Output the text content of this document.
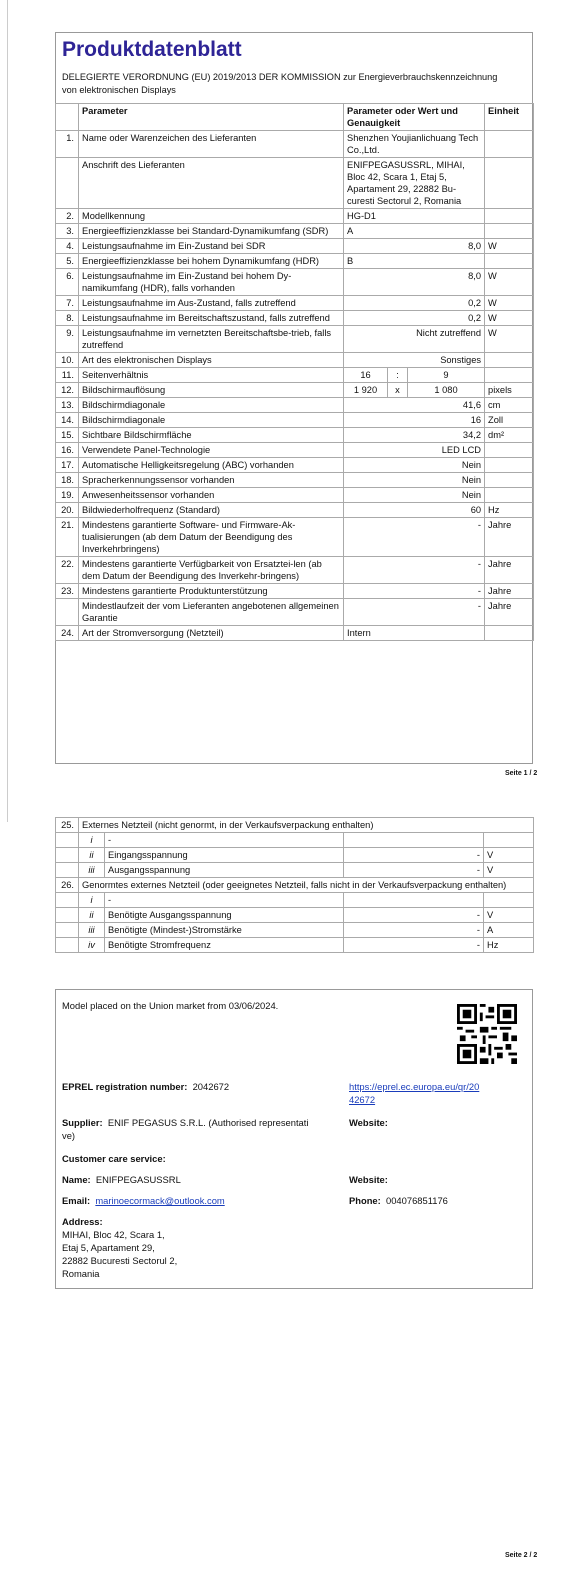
Produktdatenblatt
DELEGIERTE VERORDNUNG (EU) 2019/2013 DER KOMMISSION zur Energieverbrauchskennzeichnung von elektronischen Displays
	Parameter	Parameter oder Wert und Genauigkeit			Einheit
1.	Name oder Warenzeichen des Lieferanten	Shenzhen Youjianlichuang Tech Co.,Ltd.			
	Anschrift des Lieferanten	ENIFPEGASUSSRL, MIHAI, Bloc 42, Scara 1, Etaj 5, Apartament 29, 22882 Bu-curesti Sectorul 2, Romania			
2.	Modellkennung	HG-D1			
3.	Energieeffizienzklasse bei Standard-Dynamikumfang (SDR)	A			
4.	Leistungsaufnahme im Ein-Zustand bei SDR	8,0			W
5.	Energieeffizienzklasse bei hohem Dynamikumfang (HDR)	B			
6.	Leistungsaufnahme im Ein-Zustand bei hohem Dy-namikumfang (HDR), falls vorhanden	8,0			W
7.	Leistungsaufnahme im Aus-Zustand, falls zutreffend	0,2			W
8.	Leistungsaufnahme im Bereitschaftszustand, falls zutreffend	0,2			W
9.	Leistungsaufnahme im vernetzten Bereitschaftsbe-trieb, falls zutreffend	Nicht zutreffend			W
10.	Art des elektronischen Displays	Sonstiges			
11.	Seitenverhältnis	16	:	9	
12.	Bildschirmauflösung	1 920	x	1 080	pixels
13.	Bildschirmdiagonale	41,6			cm
14.	Bildschirmdiagonale	16			Zoll
15.	Sichtbare Bildschirmfläche	34,2			dm²
16.	Verwendete Panel-Technologie	LED LCD			
17.	Automatische Helligkeitsregelung (ABC) vorhanden	Nein			
18.	Spracherkennungssensor vorhanden	Nein			
19.	Anwesenheitssensor vorhanden	Nein			
20.	Bildwiederholfrequenz (Standard)	60			Hz
21.	Mindestens garantierte Software- und Firmware-Ak-tualisierungen (ab dem Datum der Beendigung des Inverkehrbringens)	-			Jahre
22.	Mindestens garantierte Verfügbarkeit von Ersatztei-len (ab dem Datum der Beendigung des Inverkehr-bringens)	-			Jahre
23.	Mindestens garantierte Produktunterstützung	-			Jahre
	Mindestlaufzeit der vom Lieferanten angebotenen allgemeinen Garantie	-			Jahre
24.	Art der Stromversorgung (Netzteil)	Intern			
Seite 1 / 2
25.	Externes Netzteil (nicht genormt, in der Verkaufsverpackung enthalten)			
	i	-		
	ii	Eingangsspannung	-	V
	iii	Ausgangsspannung	-	V
26.	Genormtes externes Netzteil (oder geeignetes Netzteil, falls nicht in der Verkaufsverpackung enthalten)			
	i	-		
	ii	Benötigte Ausgangsspannung	-	V
	iii	Benötigte (Mindest-)Stromstärke	-	A
	iv	Benötigte Stromfrequenz	-	Hz
Model placed on the Union market from 03/06/2024.
EPREL registration number: 2042672	https://eprel.ec.europa.eu/qr/20
42672
Supplier: ENIF PEGASUS S.R.L. (Authorised representati
ve)
Website:
Customer care service:
Name: ENIFPEGASUSSRL	Website:
Email: marinoecormack@outlook.com	Phone: 004076851176
Address:
MIHAI, Bloc 42, Scara 1,
Etaj 5, Apartament 29,
22882 Bucuresti Sectorul 2,
Romania
Seite 2 / 2
